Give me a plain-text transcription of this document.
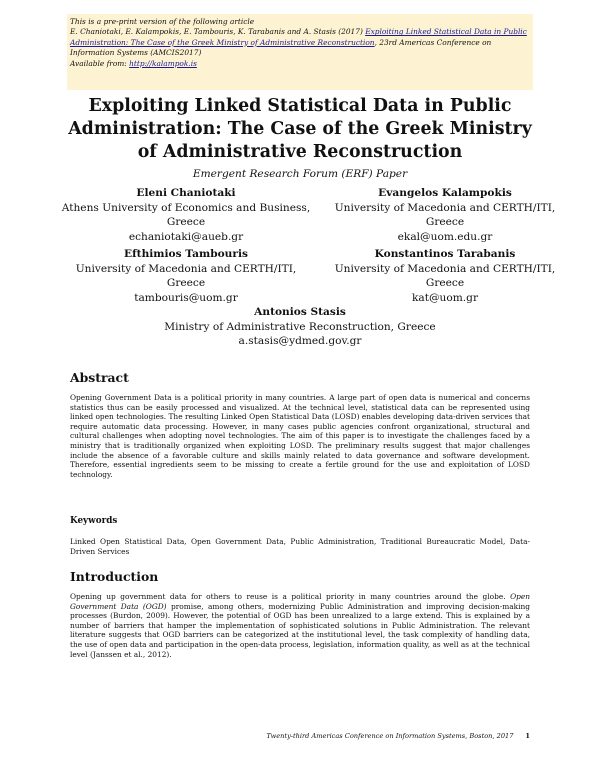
This is a pre-print version of the following article
E. Chaniotaki, E. Kalampokis, E. Tambouris, K. Tarabanis and A. Stasis (2017) Exploiting Linked Statistical Data in Public Administration: The Case of the Greek Ministry of Administrative Reconstruction, 23rd Americas Conference on Information Systems (AMCIS2017)
Available from: http://kalampok.is
Exploiting Linked Statistical Data in Public Administration: The Case of the Greek Ministry of Administrative Reconstruction
Emergent Research Forum (ERF) Paper
Eleni Chaniotaki
Athens University of Economics and Business, Greece
echaniotaki@aueb.gr
Evangelos Kalampokis
University of Macedonia and CERTH/ITI, Greece
ekal@uom.edu.gr
Efthimios Tambouris
University of Macedonia and CERTH/ITI, Greece
tambouris@uom.gr
Konstantinos Tarabanis
University of Macedonia and CERTH/ITI, Greece
kat@uom.gr
Antonios Stasis
Ministry of Administrative Reconstruction, Greece
a.stasis@ydmed.gov.gr
Abstract
Opening Government Data is a political priority in many countries. A large part of open data is numerical and concerns statistics thus can be easily processed and visualized. At the technical level, statistical data can be represented using linked open technologies. The resulting Linked Open Statistical Data (LOSD) enables developing data-driven services that require automatic data processing. However, in many cases public agencies confront organizational, structural and cultural challenges when adopting novel technologies. The aim of this paper is to investigate the challenges faced by a ministry that is traditionally organized when exploiting LOSD. The preliminary results suggest that major challenges include the absence of a favorable culture and skills mainly related to data governance and software development. Therefore, essential ingredients seem to be missing to create a fertile ground for the use and exploitation of LOSD technology.
Keywords
Linked Open Statistical Data, Open Government Data, Public Administration, Traditional Bureaucratic Model, Data-Driven Services
Introduction
Opening up government data for others to reuse is a political priority in many countries around the globe. Open Government Data (OGD) promise, among others, modernizing Public Administration and improving decision-making processes (Burdon, 2009). However, the potential of OGD has been unrealized to a large extend. This is explained by a number of barriers that hamper the implementation of sophisticated solutions in Public Administration. The relevant literature suggests that OGD barriers can be categorized at the institutional level, the task complexity of handling data, the use of open data and participation in the open-data process, legislation, information quality, as well as at the technical level (Janssen et al., 2012).
Twenty-third Americas Conference on Information Systems, Boston, 2017 1
